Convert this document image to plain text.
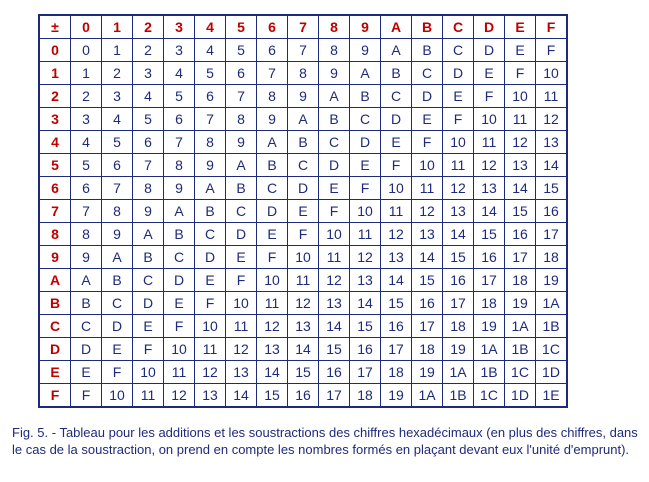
±	0	1	2	3	4	5	6	7	8	9	A	B	C	D	E	F
0	0	1	2	3	4	5	6	7	8	9	A	B	C	D	E	F
1	1	2	3	4	5	6	7	8	9	A	B	C	D	E	F	10
2	2	3	4	5	6	7	8	9	A	B	C	D	E	F	10	11
3	3	4	5	6	7	8	9	A	B	C	D	E	F	10	11	12
4	4	5	6	7	8	9	A	B	C	D	E	F	10	11	12	13
5	5	6	7	8	9	A	B	C	D	E	F	10	11	12	13	14
6	6	7	8	9	A	B	C	D	E	F	10	11	12	13	14	15
7	7	8	9	A	B	C	D	E	F	10	11	12	13	14	15	16
8	8	9	A	B	C	D	E	F	10	11	12	13	14	15	16	17
9	9	A	B	C	D	E	F	10	11	12	13	14	15	16	17	18
A	A	B	C	D	E	F	10	11	12	13	14	15	16	17	18	19
B	B	C	D	E	F	10	11	12	13	14	15	16	17	18	19	1A
C	C	D	E	F	10	11	12	13	14	15	16	17	18	19	1A	1B
D	D	E	F	10	11	12	13	14	15	16	17	18	19	1A	1B	1C
E	E	F	10	11	12	13	14	15	16	17	18	19	1A	1B	1C	1D
F	F	10	11	12	13	14	15	16	17	18	19	1A	1B	1C	1D	1E
Fig. 5. - Tableau pour les additions et les soustractions des chiffres hexadécimaux (en plus des chiffres, dans le cas de la soustraction, on prend en compte les nombres formés en plaçant devant eux l'unité d'emprunt).
